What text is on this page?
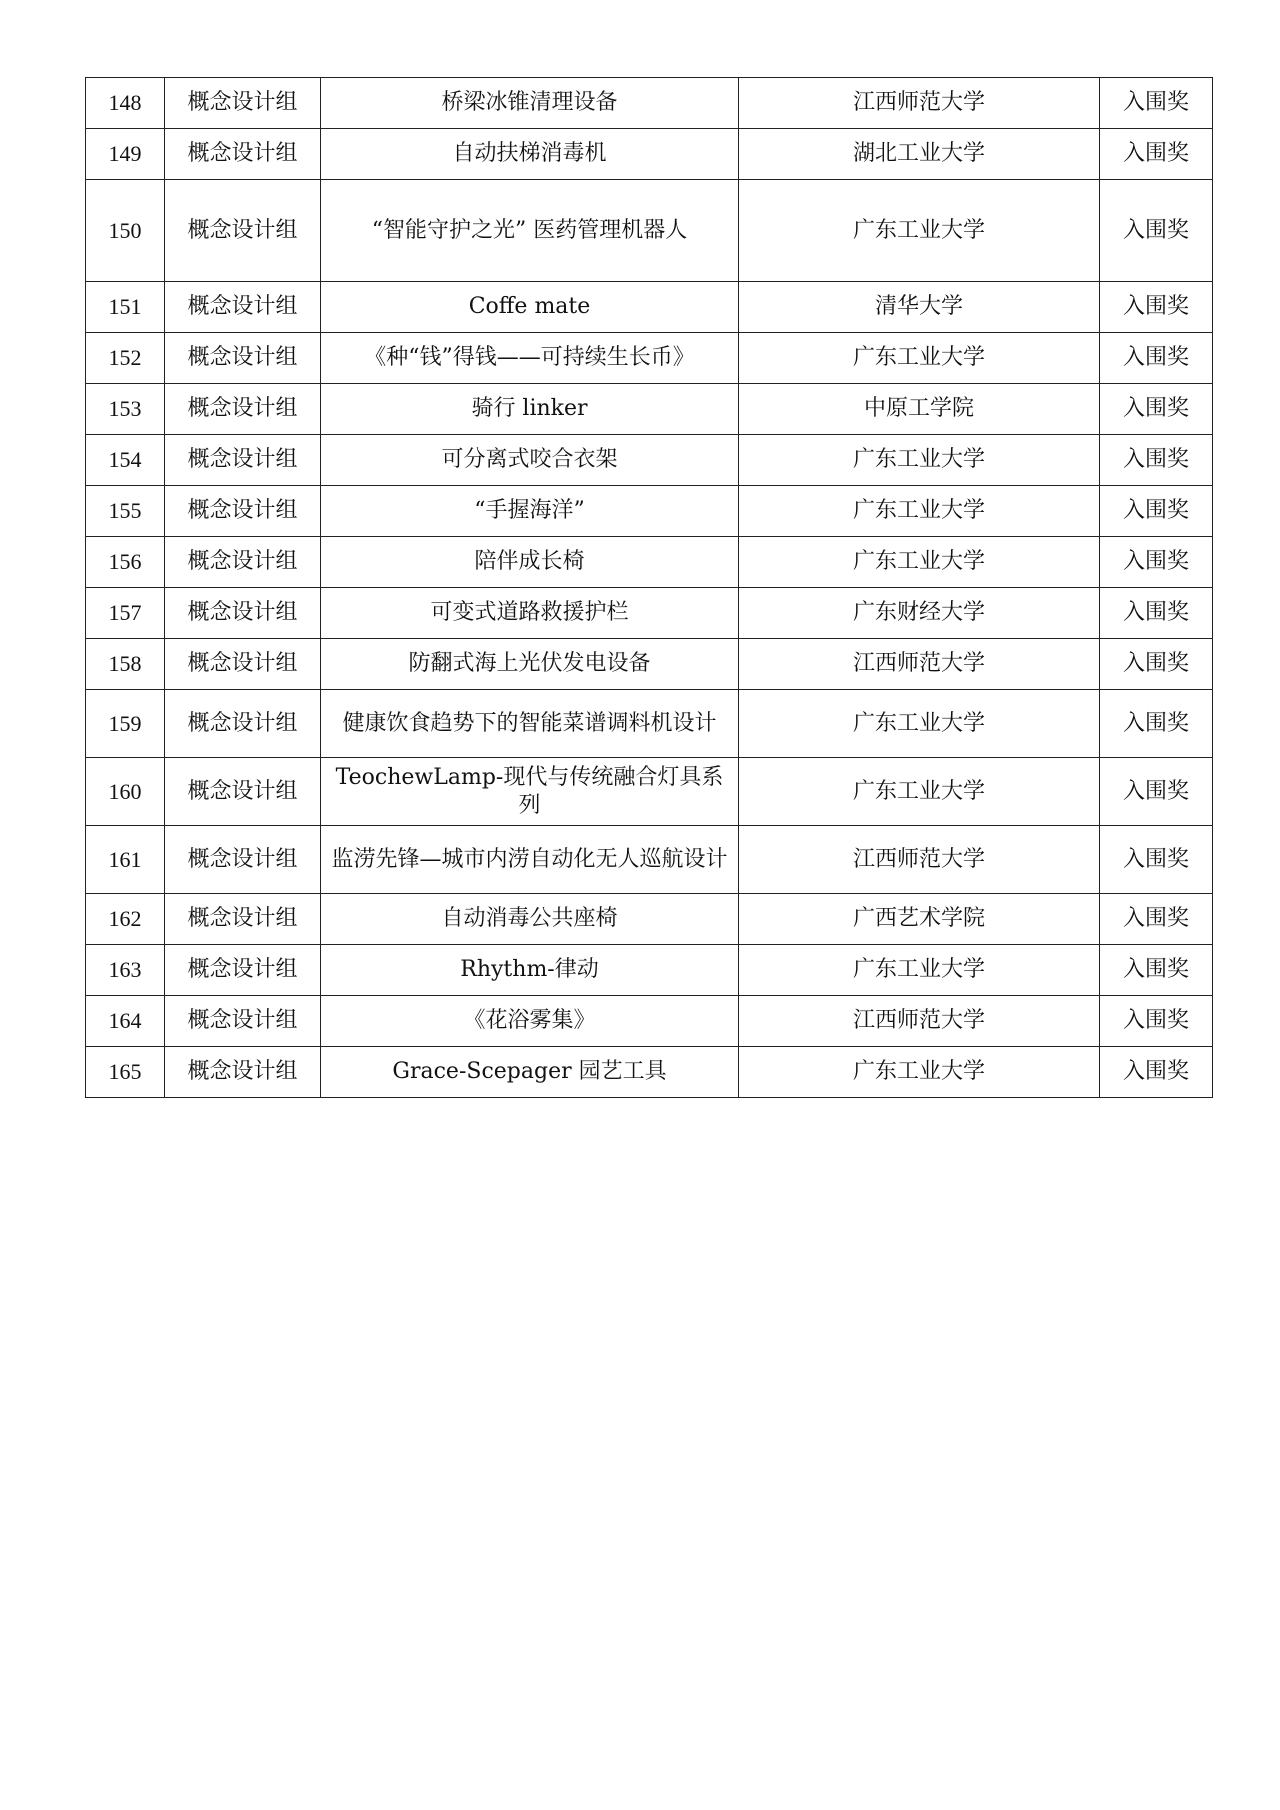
148	概念设计组	桥梁冰锥清理设备	江西师范大学	入围奖
149	概念设计组	自动扶梯消毒机	湖北工业大学	入围奖
150	概念设计组	“智能守护之光” 医药管理机器人	广东工业大学	入围奖
151	概念设计组	Coffe mate	清华大学	入围奖
152	概念设计组	《种“钱”得钱——可持续生长币》	广东工业大学	入围奖
153	概念设计组	骑行 linker	中原工学院	入围奖
154	概念设计组	可分离式咬合衣架	广东工业大学	入围奖
155	概念设计组	“手握海洋”	广东工业大学	入围奖
156	概念设计组	陪伴成长椅	广东工业大学	入围奖
157	概念设计组	可变式道路救援护栏	广东财经大学	入围奖
158	概念设计组	防翻式海上光伏发电设备	江西师范大学	入围奖
159	概念设计组	健康饮食趋势下的智能菜谱调料机设计	广东工业大学	入围奖
160	概念设计组	TeochewLamp-现代与传统融合灯具系列	广东工业大学	入围奖
161	概念设计组	监涝先锋—城市内涝自动化无人巡航设计	江西师范大学	入围奖
162	概念设计组	自动消毒公共座椅	广西艺术学院	入围奖
163	概念设计组	Rhythm-律动	广东工业大学	入围奖
164	概念设计组	《花浴雾集》	江西师范大学	入围奖
165	概念设计组	Grace-Scepager 园艺工具	广东工业大学	入围奖
